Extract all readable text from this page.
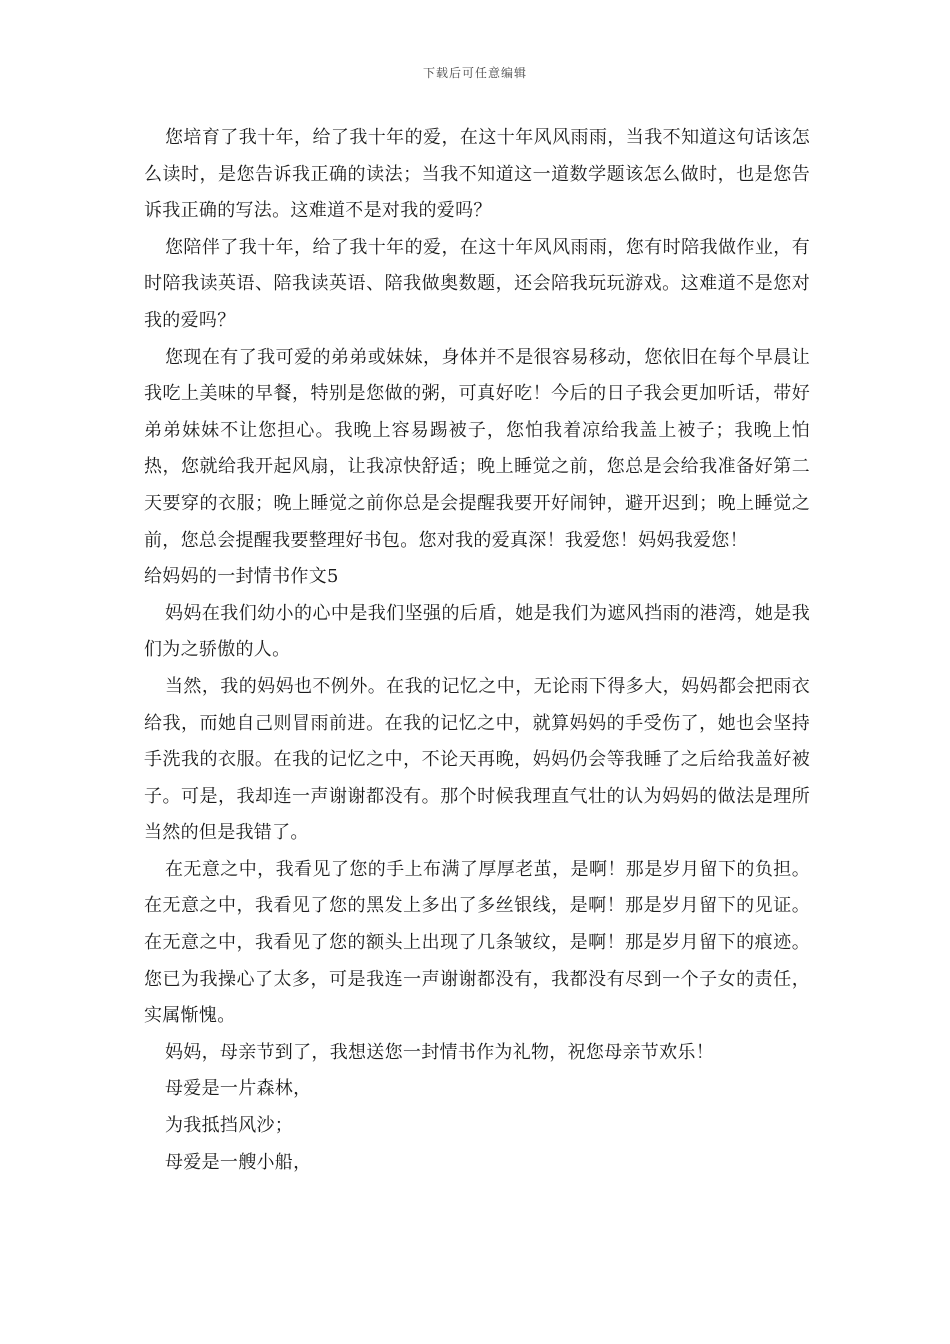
下载后可任意编辑

您培育了我十年，给了我十年的爱，在这十年风风雨雨，当我不知道这句话该怎么读时，是您告诉我正确的读法；当我不知道这一道数学题该怎么做时，也是您告诉我正确的写法。这难道不是对我的爱吗？

您陪伴了我十年，给了我十年的爱，在这十年风风雨雨，您有时陪我做作业，有时陪我读英语、陪我读英语、陪我做奥数题，还会陪我玩玩游戏。这难道不是您对我的爱吗？

您现在有了我可爱的弟弟或妹妹，身体并不是很容易移动，您依旧在每个早晨让我吃上美味的早餐，特别是您做的粥，可真好吃！今后的日子我会更加听话，带好弟弟妹妹不让您担心。我晚上容易踢被子，您怕我着凉给我盖上被子；我晚上怕热，您就给我开起风扇，让我凉快舒适；晚上睡觉之前，您总是会给我准备好第二天要穿的衣服；晚上睡觉之前你总是会提醒我要开好闹钟，避开迟到；晚上睡觉之前，您总会提醒我要整理好书包。您对我的爱真深！我爱您！妈妈我爱您！

给妈妈的一封情书作文5

妈妈在我们幼小的心中是我们坚强的后盾，她是我们为遮风挡雨的港湾，她是我们为之骄傲的人。

当然，我的妈妈也不例外。在我的记忆之中，无论雨下得多大，妈妈都会把雨衣给我，而她自己则冒雨前进。在我的记忆之中，就算妈妈的手受伤了，她也会坚持手洗我的衣服。在我的记忆之中，不论天再晚，妈妈仍会等我睡了之后给我盖好被子。可是，我却连一声谢谢都没有。那个时候我理直气壮的认为妈妈的做法是理所当然的但是我错了。

在无意之中，我看见了您的手上布满了厚厚老茧，是啊！那是岁月留下的负担。在无意之中，我看见了您的黑发上多出了多丝银线，是啊！那是岁月留下的见证。在无意之中，我看见了您的额头上出现了几条皱纹，是啊！那是岁月留下的痕迹。您已为我操心了太多，可是我连一声谢谢都没有，我都没有尽到一个子女的责任，实属惭愧。

妈妈，母亲节到了，我想送您一封情书作为礼物，祝您母亲节欢乐！

母爱是一片森林，

为我抵挡风沙；

母爱是一艘小船，
